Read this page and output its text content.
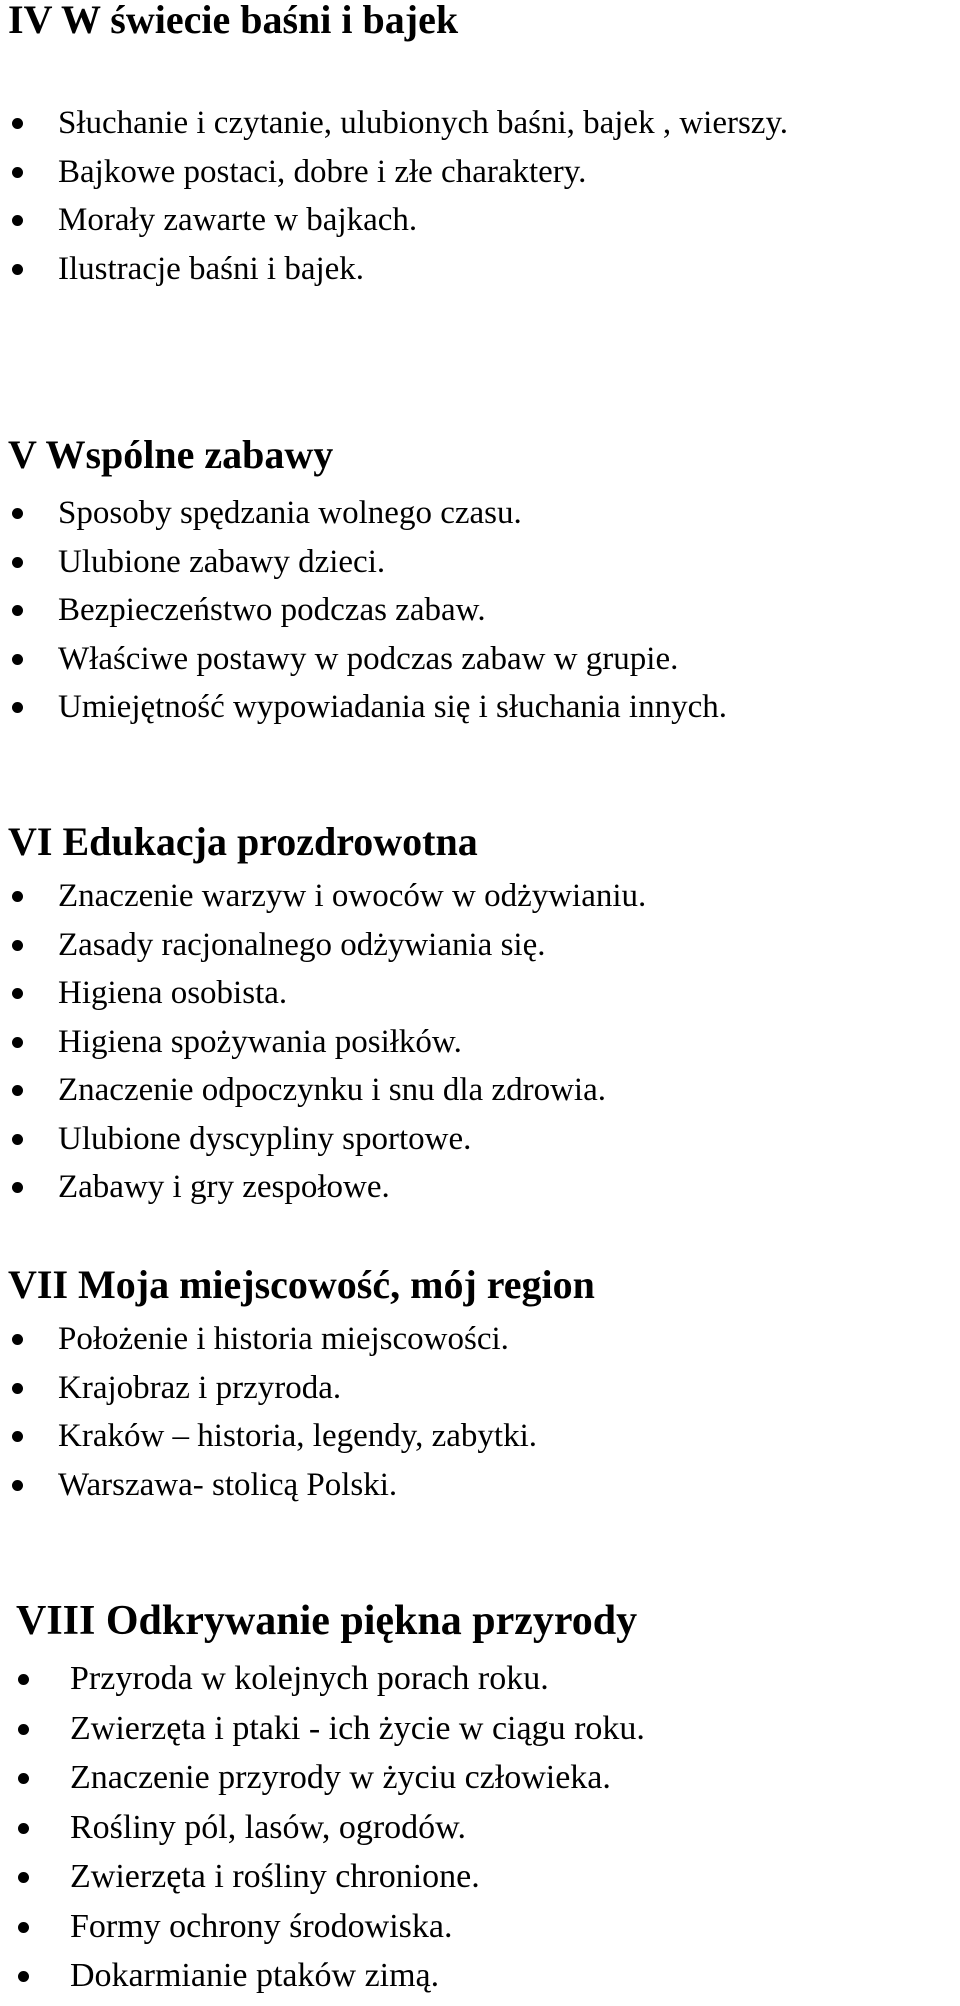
IV W świecie baśni i bajek
Słuchanie i czytanie, ulubionych baśni, bajek , wierszy.
Bajkowe postaci, dobre i złe charaktery.
Morały zawarte w bajkach.
Ilustracje baśni i bajek.
V Wspólne zabawy
Sposoby spędzania wolnego czasu.
Ulubione zabawy dzieci.
Bezpieczeństwo podczas zabaw.
Właściwe postawy w podczas zabaw w grupie.
Umiejętność wypowiadania się i słuchania innych.
VI Edukacja prozdrowotna
Znaczenie warzyw i owoców w odżywianiu.
Zasady racjonalnego odżywiania się.
Higiena osobista.
Higiena spożywania posiłków.
Znaczenie odpoczynku i snu dla zdrowia.
Ulubione dyscypliny sportowe.
Zabawy i gry zespołowe.
VII Moja miejscowość, mój region
Położenie i historia miejscowości.
Krajobraz i przyroda.
Kraków – historia, legendy, zabytki.
Warszawa- stolicą Polski.
VIII Odkrywanie piękna przyrody
Przyroda w kolejnych porach roku.
Zwierzęta i ptaki - ich życie w ciągu roku.
Znaczenie przyrody w życiu człowieka.
Rośliny pól, lasów, ogrodów.
Zwierzęta i rośliny chronione.
Formy ochrony środowiska.
Dokarmianie ptaków zimą.
